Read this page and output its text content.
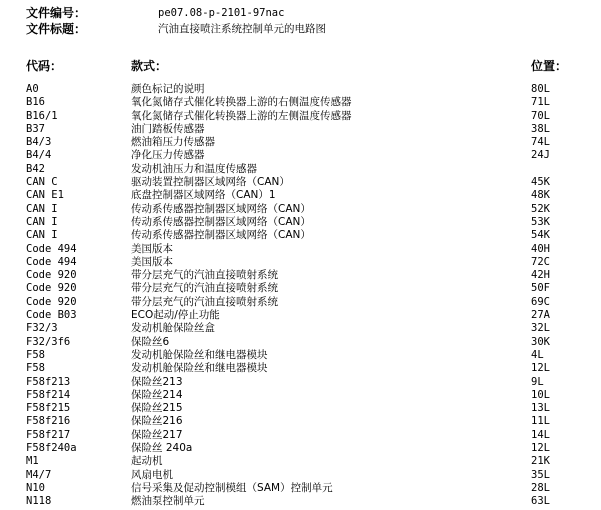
文件编号：	pe07.08-p-2101-97nac
文件标题：	汽油直接喷注系统控制单元的电路图
代码：	款式：	位置：
A0	颜色标记的说明	80L
B16	氧化氮储存式催化转换器上游的右侧温度传感器	71L
B16/1	氧化氮储存式催化转换器上游的左侧温度传感器	70L
B37	油门踏板传感器	38L
B4/3	燃油箱压力传感器	74L
B4/4	净化压力传感器	24J
B42	发动机油压力和温度传感器
CAN C	驱动装置控制器区域网络（CAN）	45K
CAN E1	底盘控制器区域网络（CAN）1	48K
CAN I	传动系传感器控制器区域网络（CAN）	52K
CAN I	传动系传感器控制器区域网络（CAN）	53K
CAN I	传动系传感器控制器区域网络（CAN）	54K
Code 494	美国版本	40H
Code 494	美国版本	72C
Code 920	带分层充气的汽油直接喷射系统	42H
Code 920	带分层充气的汽油直接喷射系统	50F
Code 920	带分层充气的汽油直接喷射系统	69C
Code B03	ECO起动/停止功能	27A
F32/3	发动机舱保险丝盒	32L
F32/3f6	保险丝6	30K
F58	发动机舱保险丝和继电器模块	4L
F58	发动机舱保险丝和继电器模块	12L
F58f213	保险丝213	9L
F58f214	保险丝214	10L
F58f215	保险丝215	13L
F58f216	保险丝216	11L
F58f217	保险丝217	14L
F58f240a	保险丝 240a	12L
M1	起动机	21K
M4/7	风扇电机	35L
N10	信号采集及促动控制模组（SAM）控制单元	28L
N118	燃油泵控制单元	63L
